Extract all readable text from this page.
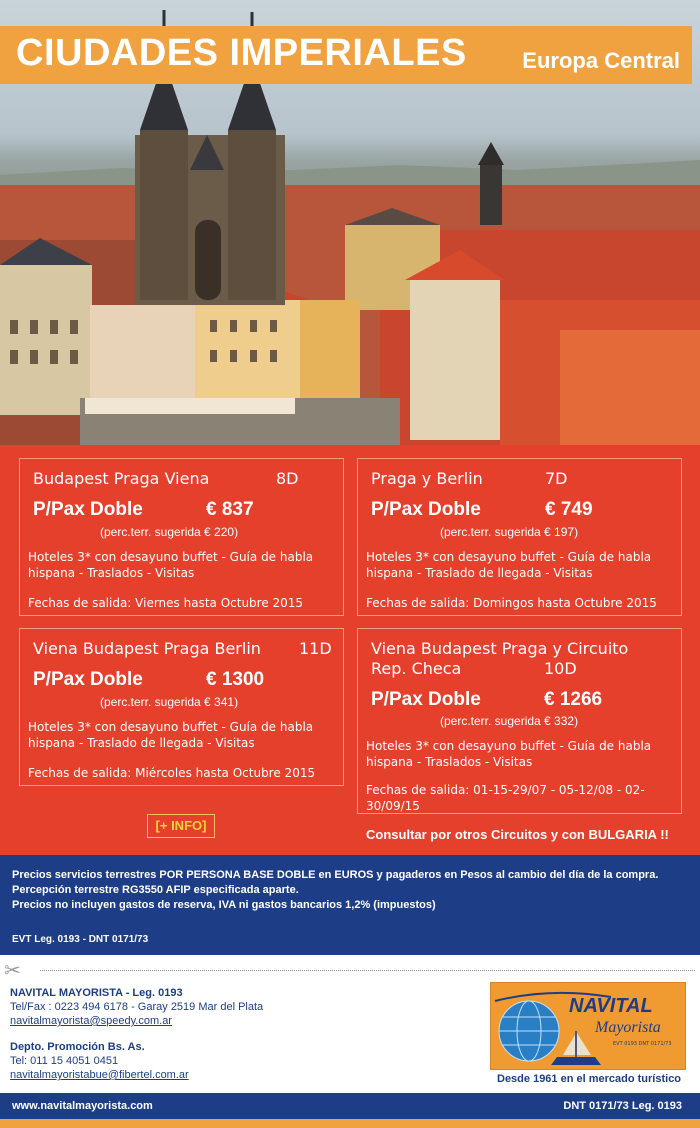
CIUDADES IMPERIALES	Europa Central
Budapest Praga Viena	8D
P/Pax Doble	€ 837
(perc.terr. sugerida € 220)
Hoteles 3* con desayuno buffet - Guía de habla hispana - Traslados - Visitas
Fechas de salida: Viernes hasta Octubre 2015
Praga y Berlin	7D
P/Pax Doble	€ 749
(perc.terr. sugerida € 197)
Hoteles 3* con desayuno buffet - Guía de habla hispana - Traslado de llegada - Visitas
Fechas de salida: Domingos hasta Octubre 2015
Viena Budapest Praga Berlin 11D
P/Pax Doble	€ 1300
(perc.terr. sugerida € 341)
Hoteles 3* con desayuno buffet - Guía de habla hispana - Traslado de llegada - Visitas
Fechas de salida: Miércoles hasta Octubre 2015
Viena Budapest Praga y Circuito
Rep. Checa	10D
P/Pax Doble	€ 1266
(perc.terr. sugerida € 332)
Hoteles 3* con desayuno buffet - Guía de habla hispana - Traslados - Visitas
Fechas de salida: 01-15-29/07 - 05-12/08 - 02-30/09/15
[+ INFO]
Consultar por otros Circuitos y con BULGARIA !!
Precios servicios terrestres POR PERSONA BASE DOBLE en EUROS y pagaderos en Pesos al cambio del día de la compra. Percepción terrestre RG3550 AFIP especificada aparte.
Precios no incluyen gastos de reserva, IVA ni gastos bancarios 1,2% (impuestos)
EVT Leg. 0193 - DNT 0171/73
✂
NAVITAL MAYORISTA - Leg. 0193
Tel/Fax : 0223 494 6178 - Garay 2519 Mar del Plata
navitalmayorista@speedy.com.ar
Depto. Promoción Bs. As.
Tel: 011 15 4051 0451
navitalmayoristabue@fibertel.com.ar
NAVITAL
Mayorista
EVT 0193 DNT 0171/73
Desde 1961 en el mercado turístico
www.navitalmayorista.com	DNT 0171/73 Leg. 0193
